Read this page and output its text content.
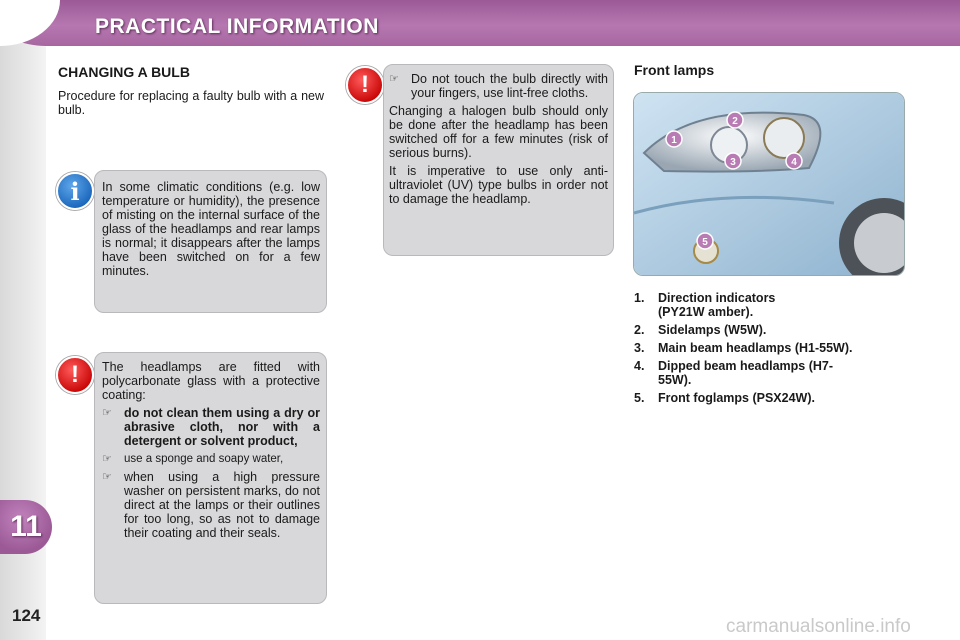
PRACTICAL INFORMATION
11
124
CHANGING A BULB
Procedure for replacing a faulty bulb with a new bulb.
i	In some climatic conditions (e.g. low temperature or humidity), the presence of misting on the internal surface of the glass of the headlamps and rear lamps is normal; it disappears after the lamps have been switched on for a few minutes.

!	The headlamps are fitted with polycarbonate glass with a protective coating:

☞ do not clean them using a dry or abrasive cloth, nor with a detergent or solvent product,
☞	use a sponge and soapy water,
☞ when using a high pressure washer on persistent marks, do not direct at the lamps or their outlines for too long, so as not to damage their coating and their seals.
!	☞ Do not touch the bulb directly with your fingers, use lint-free cloths.

Changing a halogen bulb should only be done after the headlamp has been switched off for a few minutes (risk of serious burns).

It is imperative to use only anti-ultraviolet (UV) type bulbs in order not to damage the headlamp.

Front lamps
1
2
3	4
5
1.	Direction indicators (PY21W amber).
2.	Sidelamps (W5W).
3.	Main beam headlamps (H1-55W).
4.	Dipped beam headlamps (H7-55W).
5.	Front foglamps (PSX24W).
carmanualsonline.info
